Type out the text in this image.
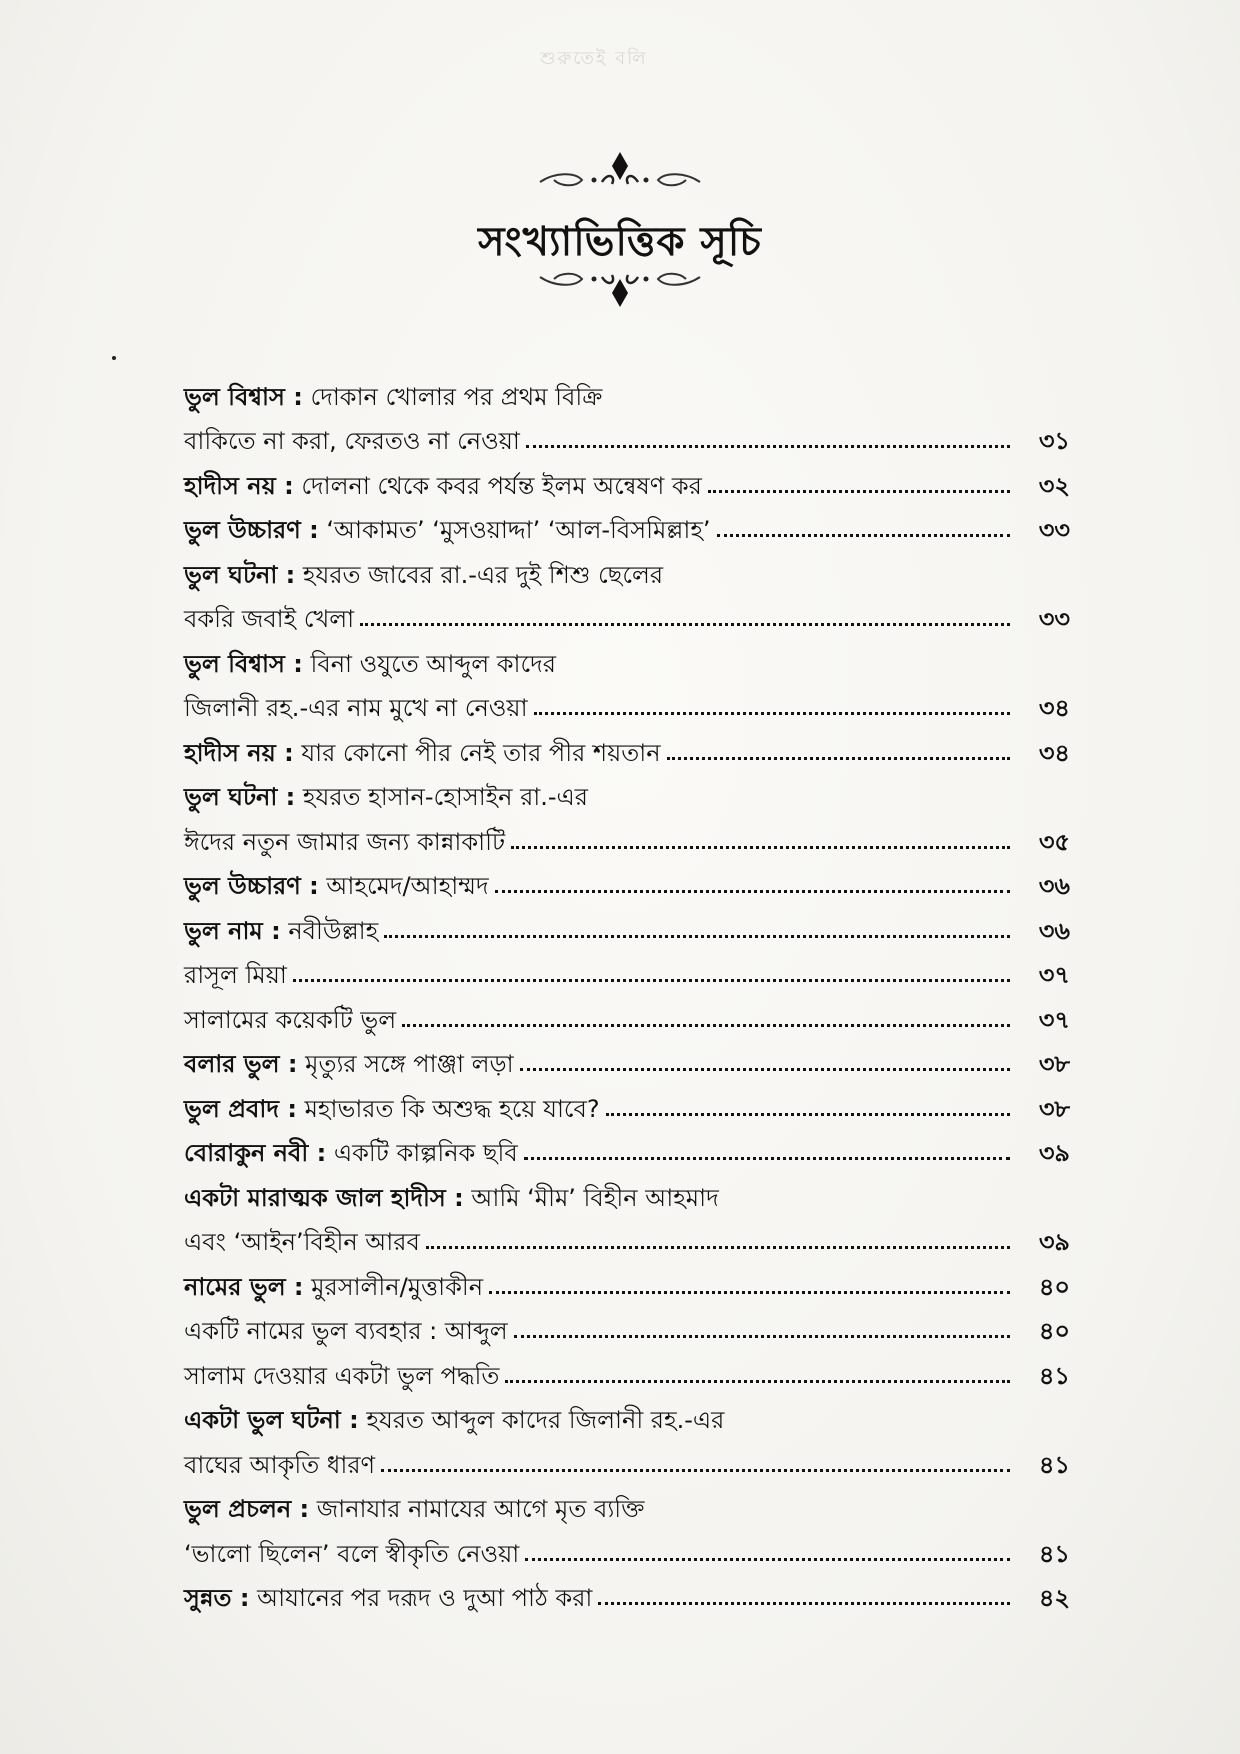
শুরুতেই বলি
সংখ্যাভিত্তিক সূচি
ভুল বিশ্বাস :
দোকান খোলার পর প্রথম বিক্রি
বাকিতে না করা, ফেরতও না নেওয়া	৩১
হাদীস নয় :
দোলনা থেকে কবর পর্যন্ত ইলম অন্বেষণ কর	৩২
ভুল উচ্চারণ :
‘আকামত’ ‘মুসওয়াদ্দা’ ‘আল-বিসমিল্লাহ’	৩৩
ভুল ঘটনা :
হযরত জাবের রা.-এর দুই শিশু ছেলের
বকরি জবাই খেলা	৩৩
ভুল বিশ্বাস :
বিনা ওযুতে আব্দুল কাদের
জিলানী রহ.-এর নাম মুখে না নেওয়া	৩৪
হাদীস নয় :
যার কোনো পীর নেই তার পীর শয়তান	৩৪
ভুল ঘটনা :
হযরত হাসান-হোসাইন রা.-এর
ঈদের নতুন জামার জন্য কান্নাকাটি	৩৫
ভুল উচ্চারণ :
আহমেদ/আহাম্মদ	৩৬
ভুল নাম :
নবীউল্লাহ	৩৬
রাসূল মিয়া	৩৭
সালামের কয়েকটি ভুল	৩৭
বলার ভুল :
মৃত্যুর সঙ্গে পাঞ্জা লড়া	৩৮
ভুল প্রবাদ :
মহাভারত কি অশুদ্ধ হয়ে যাবে?	৩৮
বোরাকুন নবী :
একটি কাল্পনিক ছবি	৩৯
একটা মারাত্মক জাল হাদীস :
আমি ‘মীম’ বিহীন আহমাদ
এবং ‘আইন’বিহীন আরব	৩৯
নামের ভুল :
মুরসালীন/মুত্তাকীন	৪০
একটি নামের ভুল ব্যবহার : আব্দুল	৪০
সালাম দেওয়ার একটা ভুল পদ্ধতি	৪১
একটা ভুল ঘটনা :
হযরত আব্দুল কাদের জিলানী রহ.-এর
বাঘের আকৃতি ধারণ	৪১
ভুল প্রচলন :
জানাযার নামাযের আগে মৃত ব্যক্তি
‘ভালো ছিলেন’ বলে স্বীকৃতি নেওয়া	৪১
সুন্নত :
আযানের পর দরূদ ও দুআ পাঠ করা	৪২
